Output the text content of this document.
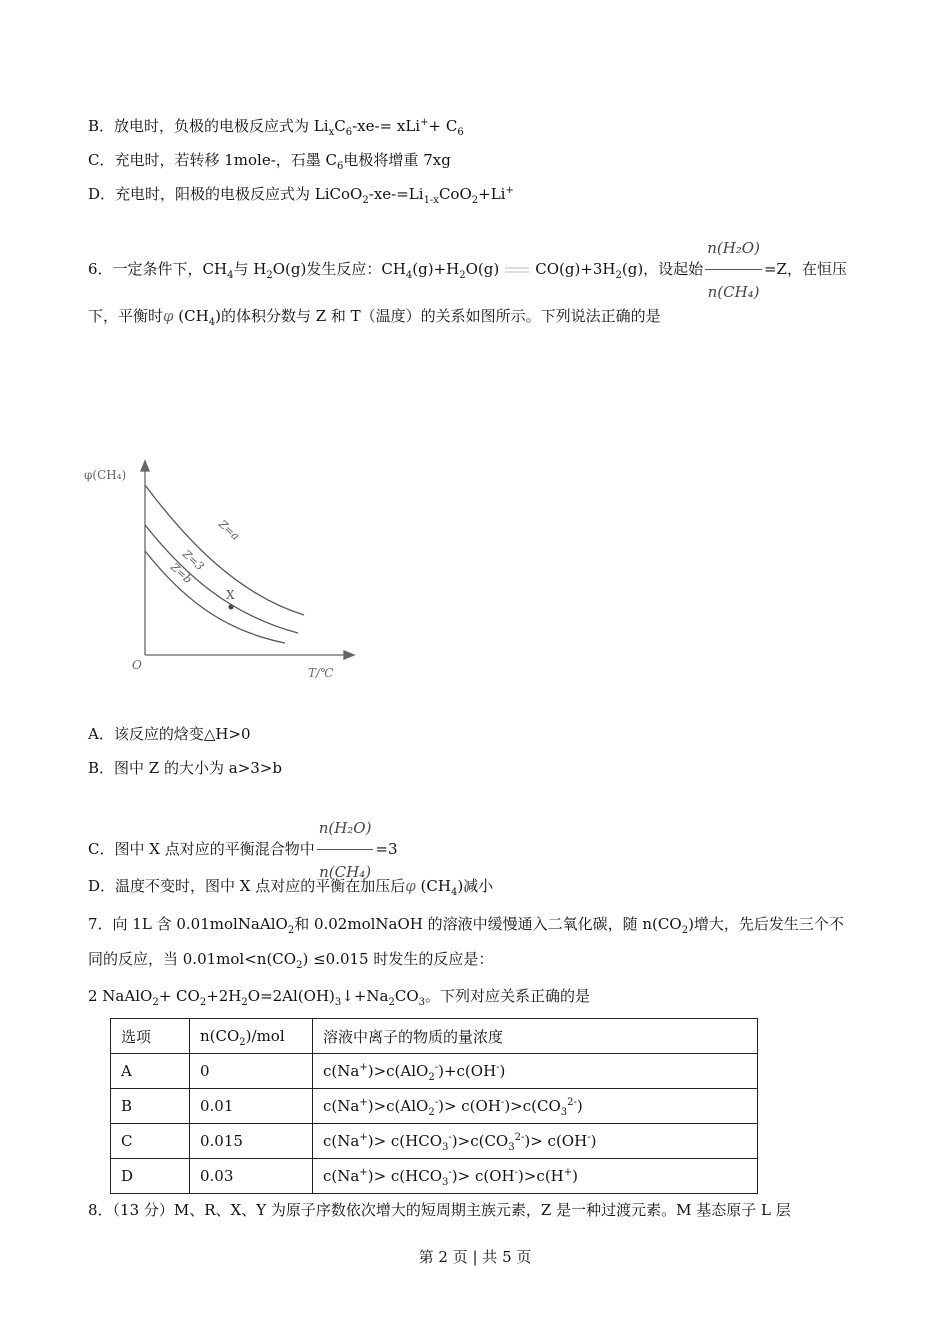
B．放电时，负极的电极反应式为 $Li_xC_6-xe-= xLi^++ C_6$
C．充电时，若转移 1mole-，石墨 $C_6$电极将增重 7xg
D．充电时，阳极的电极反应式为 $LiCoO_2-xe-=Li_{1-x}CoO_2+Li^+$
6．一定条件下，$CH_4$与 $H_2O(g)$发生反应：$CH_4(g)+H_2O(g)$ $CO(g)+3H_2(g)$，设起始 $\frac{\text{n(H₂O)}}{\text{n(CH₄)}} =Z$，在恒压
下，平衡时φ $(CH_4)$的体积分数与 Z 和 T（温度）的关系如图所示。下列说法正确的是
φ(CH₄)
T/℃
O
Z=a
Z=3
Z=b
X
A．该反应的焓变△H>0
B．图中 Z 的大小为 a>3>b
C．图中 X 点对应的平衡混合物中 $\frac{\text{n(H₂O)}}{\text{n(CH₄)}} =3$
D．温度不变时，图中 X 点对应的平衡在加压后φ $(CH_4)$减小
7．向 1L 含 0.01molNaAlO$_2$和 0.02molNaOH 的溶液中缓慢通入二氧化碳，随 $n(CO_2)$增大，先后发生三个不
同的反应，当 $0.01mol<n(CO_2) \le 0.015$ 时发生的反应是：
2 NaAlO$_2$+ $CO_2+2H_2O=2Al(OH)_3↓+Na_2CO_3$。下列对应关系正确的是
选项	$n(CO_2)$/mol	溶液中离子的物质的量浓度
A	0	c(Na+)>c(AlO$_2$-)+c(OH-)
B	0.01	$c(Na^+)>c(AlO_2^-)> c(OH^-)>c(CO_3^{2-})$
C	0.015	$c(Na^+)> c(HCO_3^-)>c(CO_3^{2-})> c(OH^-)$
D	0.03	$c(Na^+)> c(HCO_3^-)> c(OH^-)>c(H^+)$
8．（13 分）M、R、X、Y 为原子序数依次增大的短周期主族元素，Z 是一种过渡元素。M 基态原子 L 层
第 2 页 | 共 5 页
